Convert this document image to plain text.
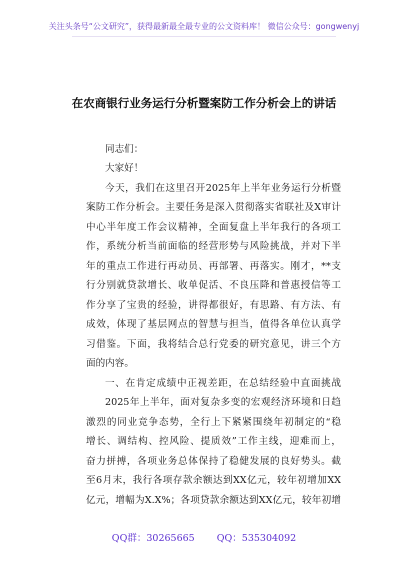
关注头条号“公文研究”，获得最新最全最专业的公文资料库！ 微信公众号：gongwenyj
在农商银行业务运行分析暨案防工作分析会上的讲话
同志们：
大家好！
今天，我们在这里召开2025年上半年业务运行分析暨
案防工作分析会。主要任务是深入贯彻落实省联社及X审计
中心半年度工作会议精神，全面复盘上半年我行的各项工
作，系统分析当前面临的经营形势与风险挑战，并对下半
年的重点工作进行再动员、再部署、再落实。刚才，**支
行分别就贷款增长、收单促活、不良压降和普惠授信等工
作分享了宝贵的经验，讲得都很好，有思路、有方法、有
成效，体现了基层网点的智慧与担当，值得各单位认真学
习借鉴。下面，我将结合总行党委的研究意见，讲三个方
面的内容。
一、在肯定成绩中正视差距，在总结经验中直面挑战
2025年上半年，面对复杂多变的宏观经济环境和日趋
激烈的同业竞争态势，全行上下紧紧围绕年初制定的“稳
增长、调结构、控风险、提质效”工作主线，迎难而上，
奋力拼搏，各项业务总体保持了稳健发展的良好势头。截
至6月末，我行各项存款余额达到XX亿元，较年初增加XX
亿元，增幅为X.X%；各项贷款余额达到XX亿元，较年初增
QQ群：30265665 QQ：535304092
